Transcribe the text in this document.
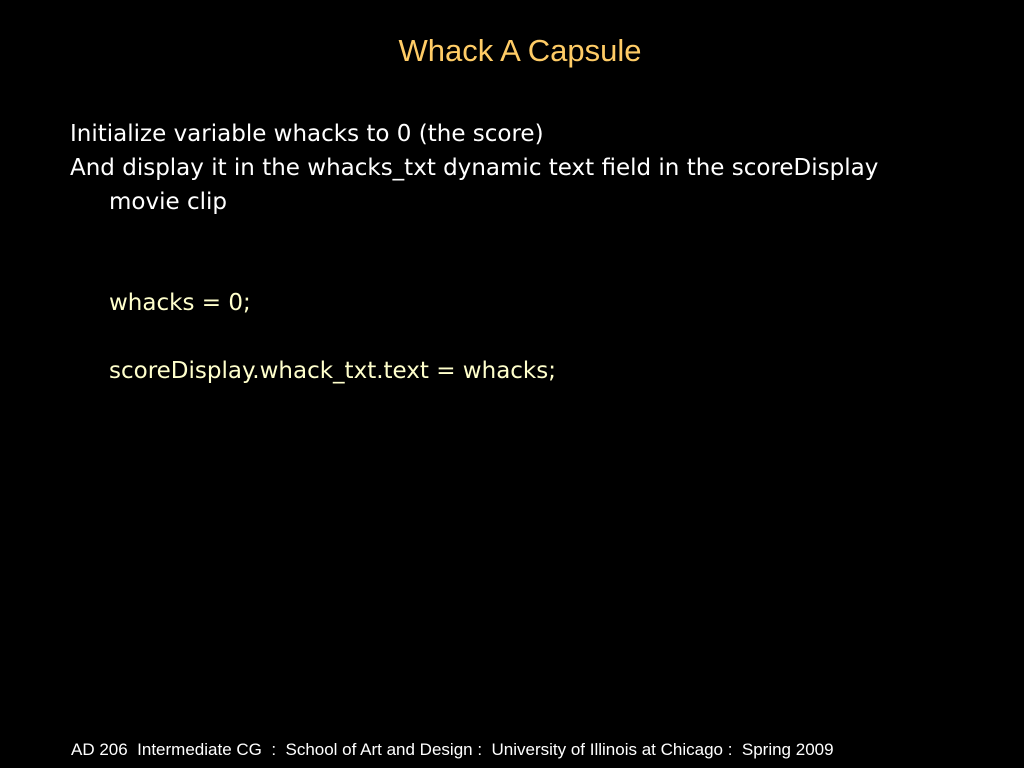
Whack A Capsule
Initialize variable whacks to 0 (the score)
And display it in the whacks_txt dynamic text field in the scoreDisplay
movie clip
whacks = 0;
scoreDisplay.whack_txt.text = whacks;
AD 206  Intermediate CG  :  School of Art and Design :  University of Illinois at Chicago :  Spring 2009
